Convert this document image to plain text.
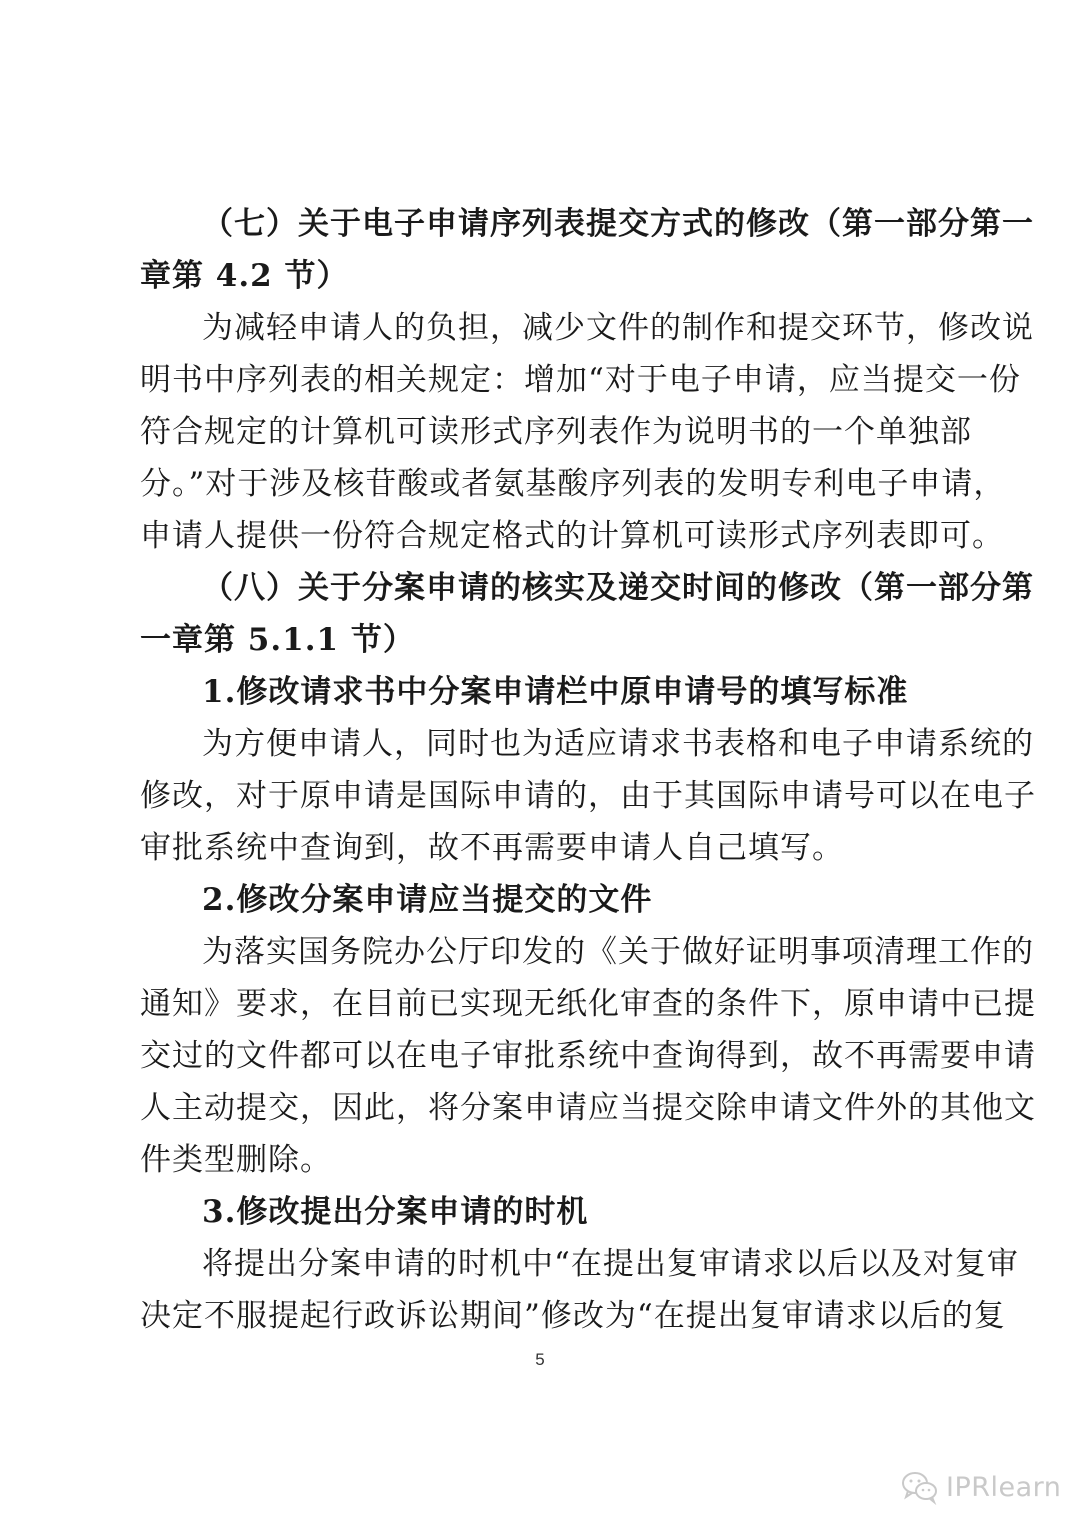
（七）关于电子申请序列表提交方式的修改（第一部分第一
章第 4.2 节）
为减轻申请人的负担，减少文件的制作和提交环节，修改说
明书中序列表的相关规定：增加“对于电子申请，应当提交一份
符合规定的计算机可读形式序列表作为说明书的一个单独部
分。”对于涉及核苷酸或者氨基酸序列表的发明专利电子申请，
申请人提供一份符合规定格式的计算机可读形式序列表即可。
（八）关于分案申请的核实及递交时间的修改（第一部分第
一章第 5.1.1 节）
1.修改请求书中分案申请栏中原申请号的填写标准
为方便申请人，同时也为适应请求书表格和电子申请系统的
修改，对于原申请是国际申请的，由于其国际申请号可以在电子
审批系统中查询到，故不再需要申请人自己填写。
2.修改分案申请应当提交的文件
为落实国务院办公厅印发的《关于做好证明事项清理工作的
通知》要求，在目前已实现无纸化审查的条件下，原申请中已提
交过的文件都可以在电子审批系统中查询得到，故不再需要申请
人主动提交，因此，将分案申请应当提交除申请文件外的其他文
件类型删除。
3.修改提出分案申请的时机
将提出分案申请的时机中“在提出复审请求以后以及对复审
决定不服提起行政诉讼期间”修改为“在提出复审请求以后的复
5
IPRlearn
